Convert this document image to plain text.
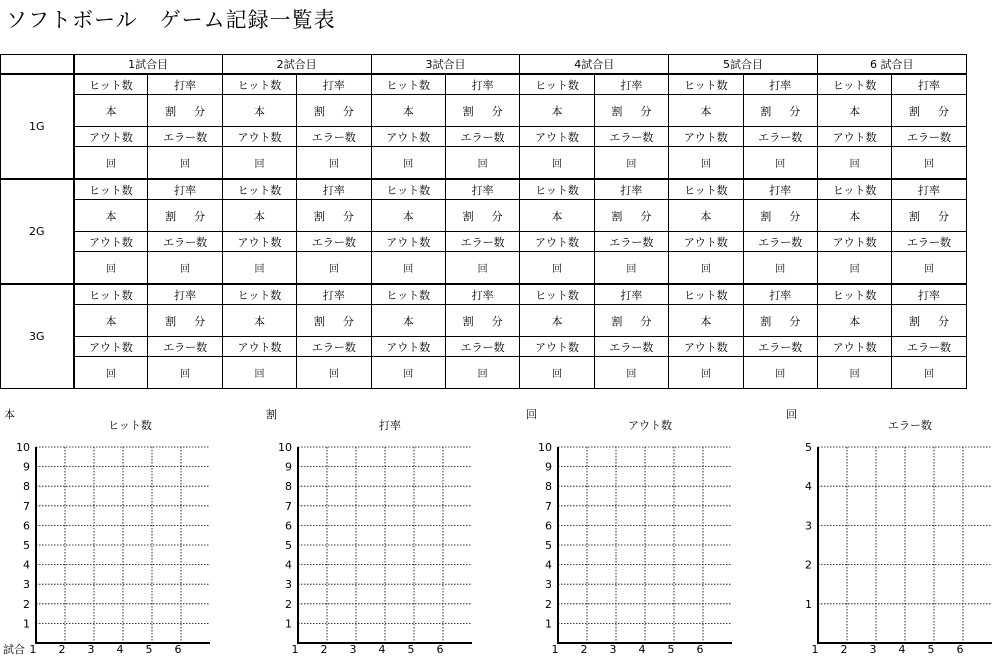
ソフトボール　ゲーム記録一覧表
	1試合目		2試合目		3試合目		4試合目		5試合目		6 試合目	
1G	ヒット数	打率	ヒット数	打率	ヒット数	打率	ヒット数	打率	ヒット数	打率	ヒット数	打率
	本	割 分	本	割 分	本	割 分	本	割 分	本	割 分	本	割 分
	アウト数	エラー数	アウト数	エラー数	アウト数	エラー数	アウト数	エラー数	アウト数	エラー数	アウト数	エラー数
	回	回	回	回	回	回	回	回	回	回	回	回
2G	ヒット数	打率	ヒット数	打率	ヒット数	打率	ヒット数	打率	ヒット数	打率	ヒット数	打率
	本	割 分	本	割 分	本	割 分	本	割 分	本	割 分	本	割 分
	アウト数	エラー数	アウト数	エラー数	アウト数	エラー数	アウト数	エラー数	アウト数	エラー数	アウト数	エラー数
	回	回	回	回	回	回	回	回	回	回	回	回
3G	ヒット数	打率	ヒット数	打率	ヒット数	打率	ヒット数	打率	ヒット数	打率	ヒット数	打率
	本	割 分	本	割 分	本	割 分	本	割 分	本	割 分	本	割 分
	アウト数	エラー数	アウト数	エラー数	アウト数	エラー数	アウト数	エラー数	アウト数	エラー数	アウト数	エラー数
	回	回	回	回	回	回	回	回	回	回	回	回
本
ヒット数
10
9
8
7
6
5
4
3
2
1
1 2 3 4 5 6
試合
割
打率
10
9
8
7
6
5
4
3
2
1
1 2 3 4 5 6
回
アウト数
10
9
8
7
6
5
4
3
2
1
1 2 3 4 5 6
回
エラー数
5
4
3
2
1
1 2 3 4 5 6
